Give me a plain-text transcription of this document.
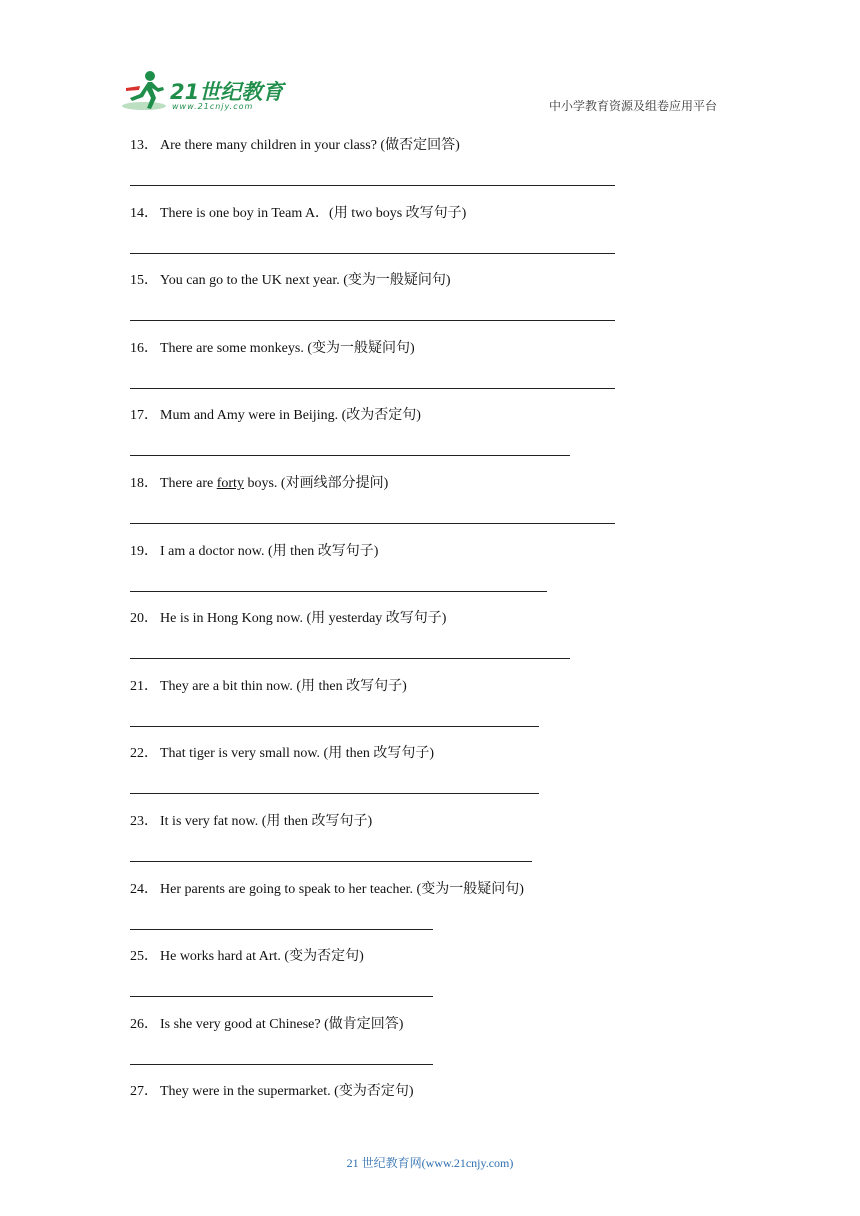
21世纪教育
www.21cnjy.com	中小学教育资源及组卷应用平台
13． Are there many children in your class? (做否定回答)
14． There is one boy in Team A．(用 two boys 改写句子)
15． You can go to the UK next year. (变为一般疑问句)
16． There are some monkeys. (变为一般疑问句)
17． Mum and Amy were in Beijing. (改为否定句)
18． There are forty boys. (对画线部分提问)
19． I am a doctor now. (用 then 改写句子)
20． He is in Hong Kong now. (用 yesterday 改写句子)
21． They are a bit thin now. (用 then 改写句子)
22． That tiger is very small now. (用 then 改写句子)
23． It is very fat now. (用 then 改写句子)
24． Her parents are going to speak to her teacher. (变为一般疑问句)
25． He works hard at Art. (变为否定句)
26． Is she very good at Chinese? (做肯定回答)
27． They were in the supermarket. (变为否定句)
21 世纪教育网(www.21cnjy.com)
